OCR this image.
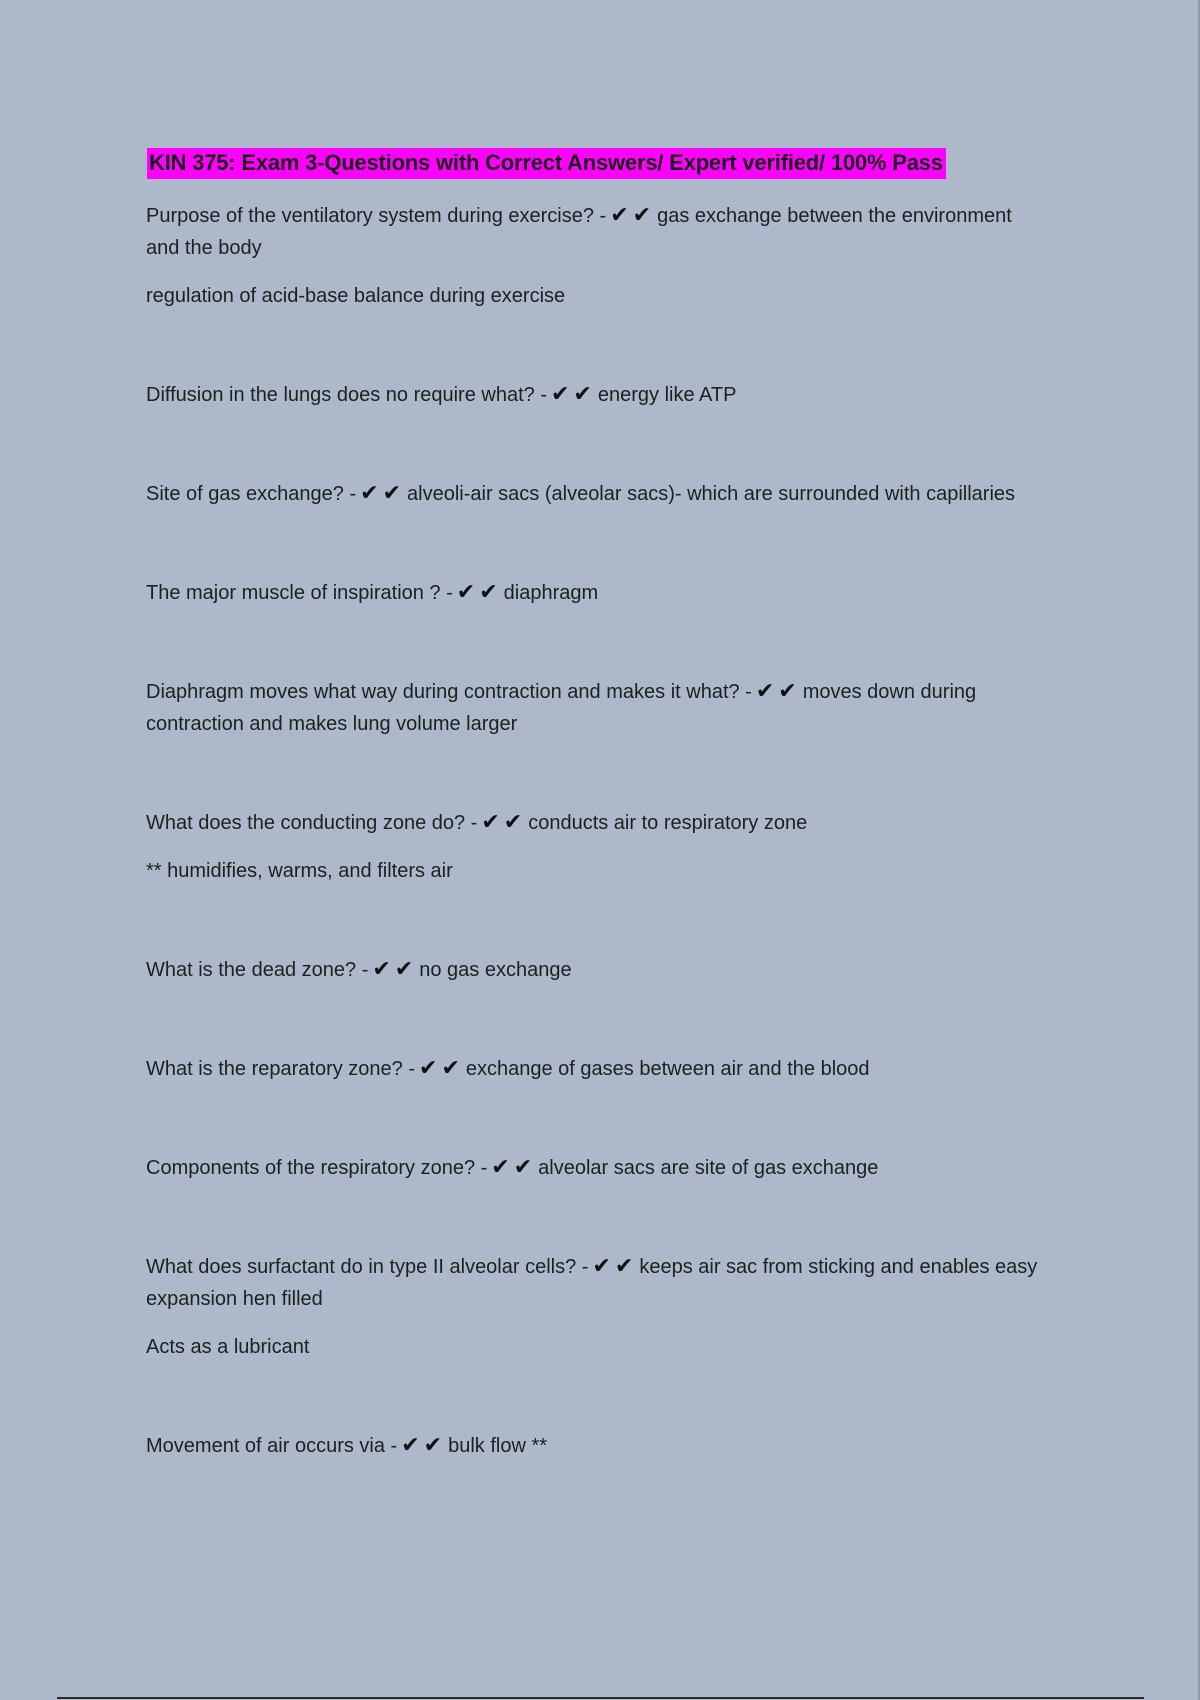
KIN 375: Exam 3-Questions with Correct Answers/ Expert verified/ 100% Pass

Purpose of the ventilatory system during exercise? - ✔✔ gas exchange between the environment and the body

regulation of acid-base balance during exercise

Diffusion in the lungs does no require what? - ✔✔ energy like ATP

Site of gas exchange? - ✔✔ alveoli-air sacs (alveolar sacs)- which are surrounded with capillaries

The major muscle of inspiration ? - ✔✔ diaphragm

Diaphragm moves what way during contraction and makes it what? - ✔✔ moves down during contraction and makes lung volume larger

What does the conducting zone do? - ✔✔ conducts air to respiratory zone

** humidifies, warms, and filters air

What is the dead zone? - ✔✔ no gas exchange

What is the reparatory zone? - ✔✔ exchange of gases between air and the blood

Components of the respiratory zone? - ✔✔ alveolar sacs are site of gas exchange

What does surfactant do in type II alveolar cells? - ✔✔ keeps air sac from sticking and enables easy expansion hen filled

Acts as a lubricant

Movement of air occurs via - ✔✔ bulk flow **
